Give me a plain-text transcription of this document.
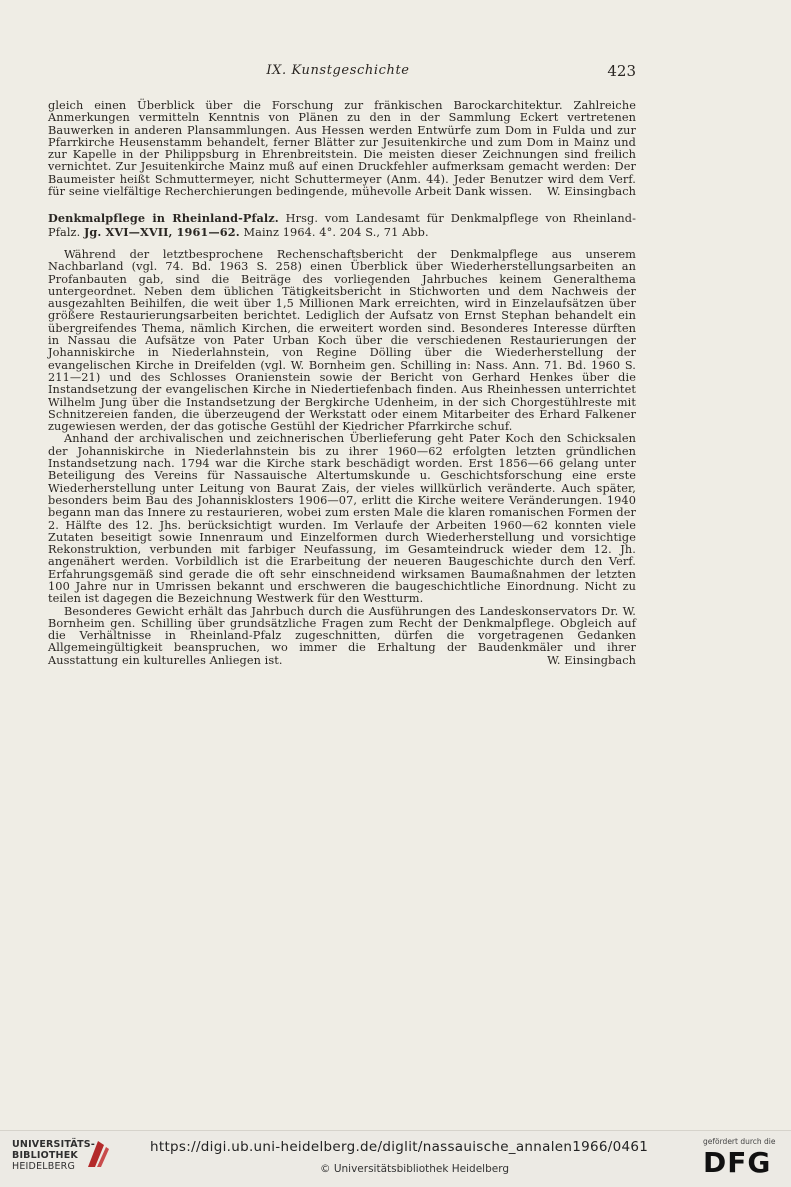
IX. Kunstgeschichte	423

gleich einen Überblick über die Forschung zur fränkischen Barockarchitektur. Zahlreiche Anmerkungen vermitteln Kenntnis von Plänen zu den in der Sammlung Eckert vertretenen Bauwerken in anderen Plansammlungen. Aus Hessen werden Entwürfe zum Dom in Fulda und zur Pfarrkirche Heusenstamm behandelt, ferner Blätter zur Jesuitenkirche und zum Dom in Mainz und zur Kapelle in der Philippsburg in Ehrenbreitstein. Die meisten dieser Zeichnungen sind freilich vernichtet. Zur Jesuitenkirche Mainz muß auf einen Druckfehler aufmerksam gemacht werden: Der Baumeister heißt Schmuttermeyer, nicht Schuttermeyer (Anm. 44). Jeder Benutzer wird dem Verf. für seine vielfältige Recherchierungen bedingende, mühevolle Arbeit Dank wissen. W. Einsingbach

Denkmalpflege in Rheinland-Pfalz. Hrsg. vom Landesamt für Denkmalpflege von Rheinland-Pfalz. Jg. XVI—XVII, 1961—62. Mainz 1964. 4°. 204 S., 71 Abb.

Während der letztbesprochene Rechenschaftsbericht der Denkmalpflege aus unserem Nachbarland (vgl. 74. Bd. 1963 S. 258) einen Überblick über Wiederherstellungsarbeiten an Profanbauten gab, sind die Beiträge des vorliegenden Jahrbuches keinem Generalthema untergeordnet. Neben dem üblichen Tätigkeitsbericht in Stichworten und dem Nachweis der ausgezahlten Beihilfen, die weit über 1,5 Millionen Mark erreichten, wird in Einzelaufsätzen über größere Restaurierungsarbeiten berichtet. Lediglich der Aufsatz von Ernst Stephan behandelt ein übergreifendes Thema, nämlich Kirchen, die erweitert worden sind. Besonderes Interesse dürften in Nassau die Aufsätze von Pater Urban Koch über die verschiedenen Restaurierungen der Johanniskirche in Niederlahnstein, von Regine Dölling über die Wiederherstellung der evangelischen Kirche in Dreifelden (vgl. W. Bornheim gen. Schilling in: Nass. Ann. 71. Bd. 1960 S. 211—21) und des Schlosses Oranienstein sowie der Bericht von Gerhard Henkes über die Instandsetzung der evangelischen Kirche in Niedertiefenbach finden. Aus Rheinhessen unterrichtet Wilhelm Jung über die Instandsetzung der Bergkirche Udenheim, in der sich Chorgestühlreste mit Schnitzereien fanden, die überzeugend der Werkstatt oder einem Mitarbeiter des Erhard Falkener zugewiesen werden, der das gotische Gestühl der Kiedricher Pfarrkirche schuf.

Anhand der archivalischen und zeichnerischen Überlieferung geht Pater Koch den Schicksalen der Johanniskirche in Niederlahnstein bis zu ihrer 1960—62 erfolgten letzten gründlichen Instandsetzung nach. 1794 war die Kirche stark beschädigt worden. Erst 1856—66 gelang unter Beteiligung des Vereins für Nassauische Altertumskunde u. Geschichtsforschung eine erste Wiederherstellung unter Leitung von Baurat Zais, der vieles willkürlich veränderte. Auch später, besonders beim Bau des Johannisklosters 1906—07, erlitt die Kirche weitere Veränderungen. 1940 begann man das Innere zu restaurieren, wobei zum ersten Male die klaren romanischen Formen der 2. Hälfte des 12. Jhs. berücksichtigt wurden. Im Verlaufe der Arbeiten 1960—62 konnten viele Zutaten beseitigt sowie Innenraum und Einzelformen durch Wiederherstellung und vorsichtige Rekonstruktion, verbunden mit farbiger Neufassung, im Gesamteindruck wieder dem 12. Jh. angenähert werden. Vorbildlich ist die Erarbeitung der neueren Baugeschichte durch den Verf. Erfahrungsgemäß sind gerade die oft sehr einschneidend wirksamen Baumaßnahmen der letzten 100 Jahre nur in Umrissen bekannt und erschweren die baugeschichtliche Einordnung. Nicht zu teilen ist dagegen die Bezeichnung Westwerk für den Westturm.

Besonderes Gewicht erhält das Jahrbuch durch die Ausführungen des Landeskonservators Dr. W. Bornheim gen. Schilling über grundsätzliche Fragen zum Recht der Denkmalpflege. Obgleich auf die Verhältnisse in Rheinland-Pfalz zugeschnitten, dürfen die vorgetragenen Gedanken Allgemeingültigkeit beanspruchen, wo immer die Erhaltung der Baudenkmäler und ihrer Ausstattung ein kulturelles Anliegen ist.	W. Einsingbach

UNIVERSITÄTS-
BIBLIOTHEK
HEIDELBERG
https://digi.ub.uni-heidelberg.de/diglit/nassauische_annalen1966/0461
© Universitätsbibliothek Heidelberg
gefördert durch die
DFG
